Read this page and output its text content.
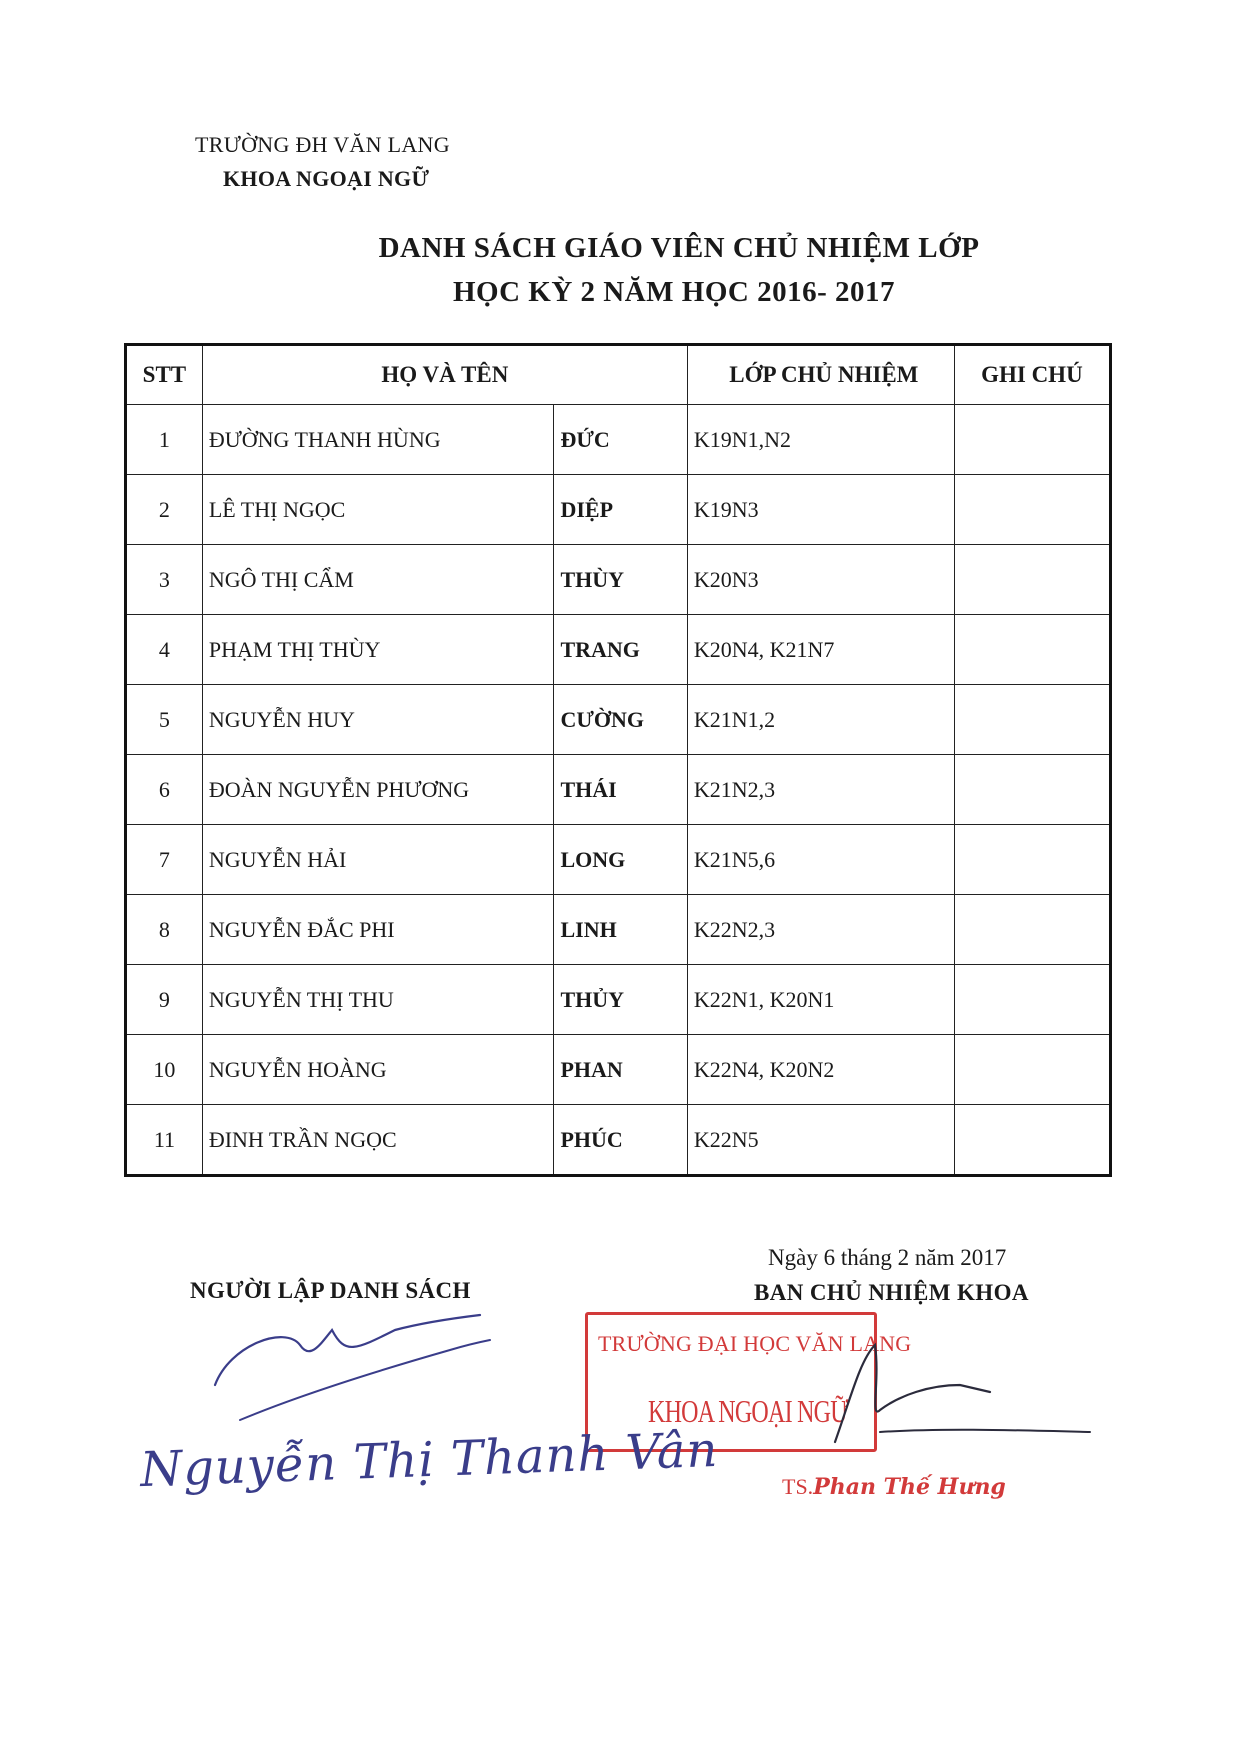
TRƯỜNG ĐH VĂN LANG
KHOA NGOẠI NGỮ
DANH SÁCH GIÁO VIÊN CHỦ NHIỆM LỚP
HỌC KỲ 2 NĂM HỌC 2016- 2017
STT	HỌ VÀ TÊN		LỚP CHỦ NHIỆM	GHI CHÚ
1	ĐƯỜNG THANH HÙNG	ĐỨC	K19N1,N2	
2	LÊ THỊ NGỌC	DIỆP	K19N3	
3	NGÔ THỊ CẨM	THÙY	K20N3	
4	PHẠM THỊ THÙY	TRANG	K20N4, K21N7	
5	NGUYỄN HUY	CƯỜNG	K21N1,2	
6	ĐOÀN NGUYỄN PHƯƠNG	THÁI	K21N2,3	
7	NGUYỄN HẢI	LONG	K21N5,6	
8	NGUYỄN ĐẮC PHI	LINH	K22N2,3	
9	NGUYỄN THỊ THU	THỦY	K22N1, K20N1	
10	NGUYỄN HOÀNG	PHAN	K22N4, K20N2	
11	ĐINH TRẦN NGỌC	PHÚC	K22N5	
Ngày 6 tháng 2 năm 2017
NGƯỜI LẬP DANH SÁCH	BAN CHỦ NHIỆM KHOA
TRƯỜNG ĐẠI HỌC VĂN LANG
KHOA NGOẠI NGỮ
Nguyễn Thị Thanh Vân	TS.Phan Thế Hưng
